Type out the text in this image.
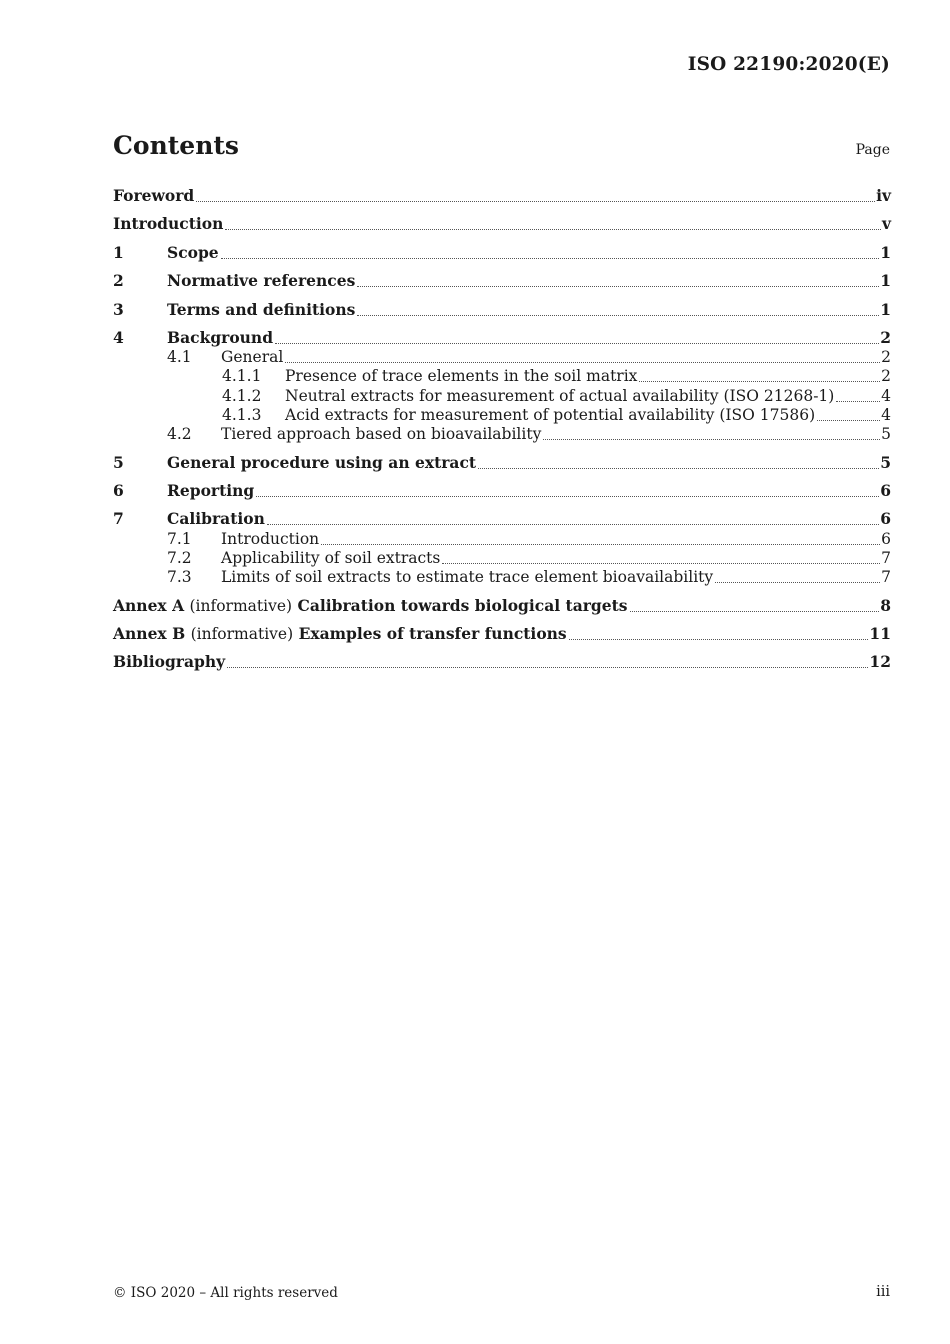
ISO 22190:2020(E)
Contents	Page
Foreword	iv
Introduction	v
1	Scope	1
2	Normative references	1
3	Terms and definitions	1
4	Background	2
4.1	General	2
4.1.1	Presence of trace elements in the soil matrix	2
4.1.2	Neutral extracts for measurement of actual availability (ISO 21268-1)	4
4.1.3	Acid extracts for measurement of potential availability (ISO 17586)	4
4.2	Tiered approach based on bioavailability	5
5	General procedure using an extract	5
6	Reporting	6
7	Calibration	6
7.1	Introduction	6
7.2	Applicability of soil extracts	7
7.3	Limits of soil extracts to estimate trace element bioavailability	7
Annex A (informative) Calibration towards biological targets	8
Annex B (informative) Examples of transfer functions	11
Bibliography	12
© ISO 2020 – All rights reserved	iii
